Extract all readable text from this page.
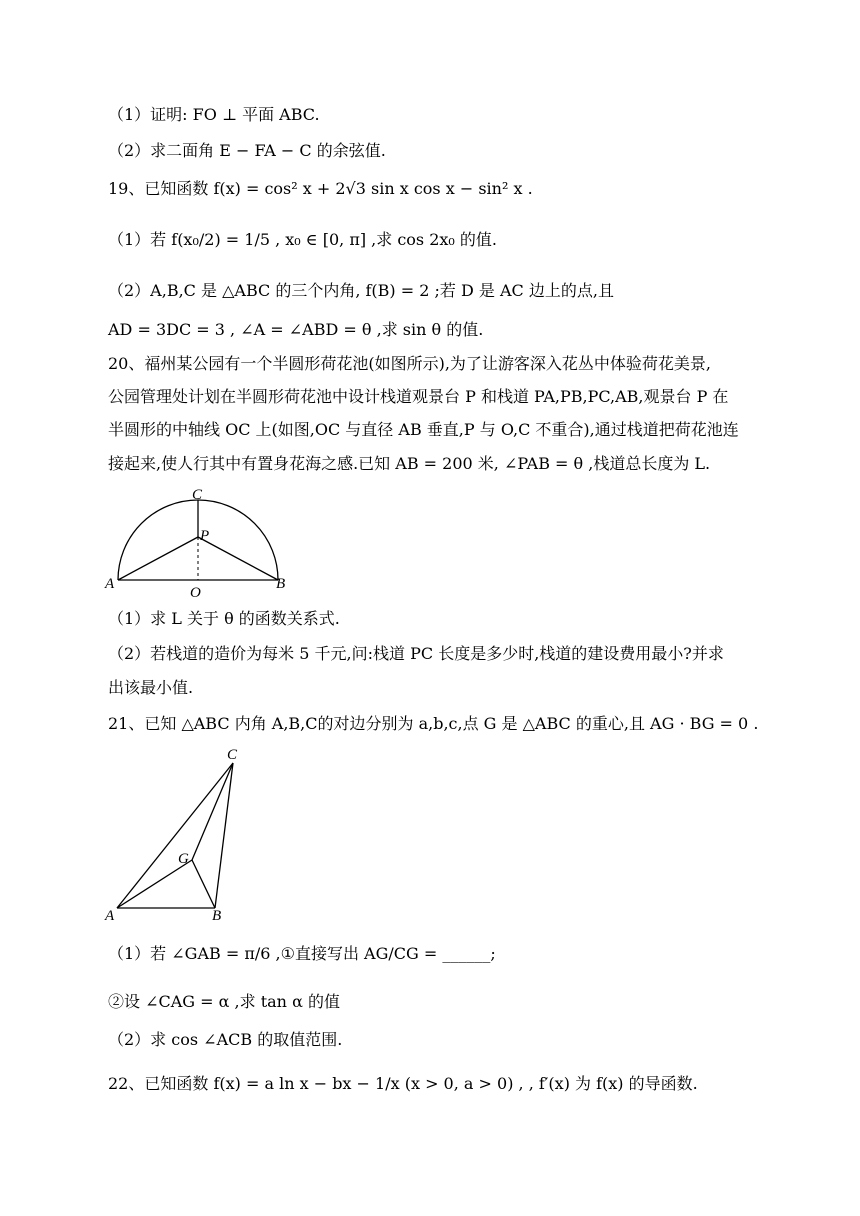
（1）证明: FO ⊥ 平面 ABC.
（2）求二面角 E − FA − C 的余弦值.
19、已知函数 f(x) = cos² x + 2√3 sin x cos x − sin² x .
（1）若 f(x₀/2) = 1/5 , x₀ ∈ [0, π] ,求 cos 2x₀ 的值.
（2）A,B,C 是 △ABC 的三个内角, f(B) = 2 ;若 D 是 AC 边上的点,且
AD = 3DC = 3 , ∠A = ∠ABD = θ ,求 sin θ 的值.
20、福州某公园有一个半圆形荷花池(如图所示),为了让游客深入花丛中体验荷花美景,
公园管理处计划在半圆形荷花池中设计栈道观景台 P 和栈道 PA,PB,PC,AB,观景台 P 在
半圆形的中轴线 OC 上(如图,OC 与直径 AB 垂直,P 与 O,C 不重合),通过栈道把荷花池连
接起来,使人行其中有置身花海之感.已知 AB = 200 米, ∠PAB = θ ,栈道总长度为 L.
C
P
A
O
B
（1）求 L 关于 θ 的函数关系式.
（2）若栈道的造价为每米 5 千元,问:栈道 PC 长度是多少时,栈道的建设费用最小?并求
出该最小值.
21、已知 △ABC 内角 A,B,C的对边分别为 a,b,c,点 G 是 △ABC 的重心,且 AG · BG = 0 .
C
G
A	B
（1）若 ∠GAB = π/6 ,①直接写出 AG/CG = ______;
②设 ∠CAG = α ,求 tan α 的值
（2）求 cos ∠ACB 的取值范围.
22、已知函数 f(x) = a ln x − bx − 1/x (x > 0, a > 0) , , f′(x) 为 f(x) 的导函数.
